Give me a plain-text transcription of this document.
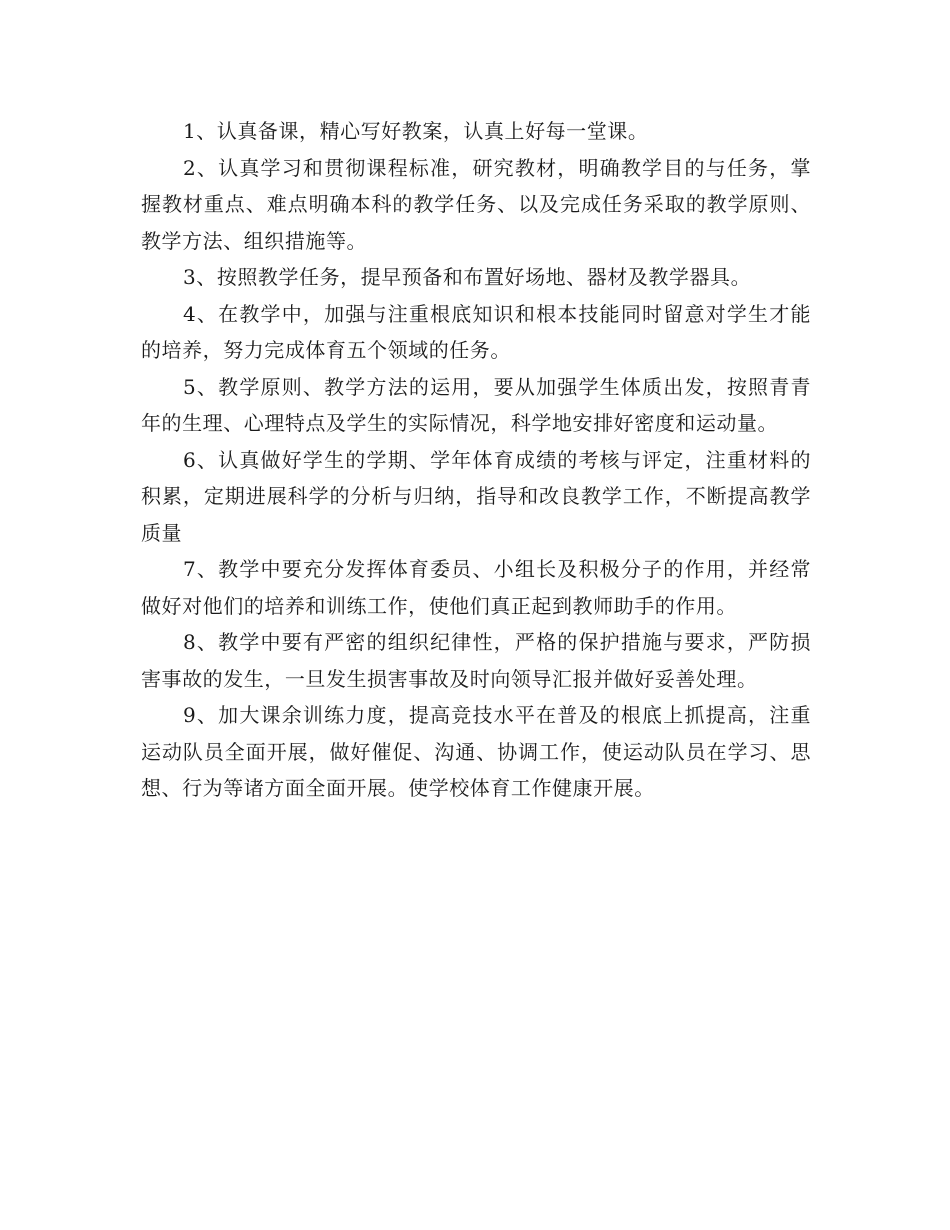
1、认真备课，精心写好教案，认真上好每一堂课。

2、认真学习和贯彻课程标准，研究教材，明确教学目的与任务，掌握教材重点、难点明确本科的教学任务、以及完成任务采取的教学原则、教学方法、组织措施等。

3、按照教学任务，提早预备和布置好场地、器材及教学器具。

4、在教学中，加强与注重根底知识和根本技能同时留意对学生才能的培养，努力完成体育五个领域的任务。

5、教学原则、教学方法的运用，要从加强学生体质出发，按照青青年的生理、心理特点及学生的实际情况，科学地安排好密度和运动量。

6、认真做好学生的学期、学年体育成绩的考核与评定，注重材料的积累，定期进展科学的分析与归纳，指导和改良教学工作，不断提高教学质量

7、教学中要充分发挥体育委员、小组长及积极分子的作用，并经常做好对他们的培养和训练工作，使他们真正起到教师助手的作用。

8、教学中要有严密的组织纪律性，严格的保护措施与要求，严防损害事故的发生，一旦发生损害事故及时向领导汇报并做好妥善处理。

9、加大课余训练力度，提高竞技水平在普及的根底上抓提高，注重运动队员全面开展，做好催促、沟通、协调工作，使运动队员在学习、思想、行为等诸方面全面开展。使学校体育工作健康开展。
